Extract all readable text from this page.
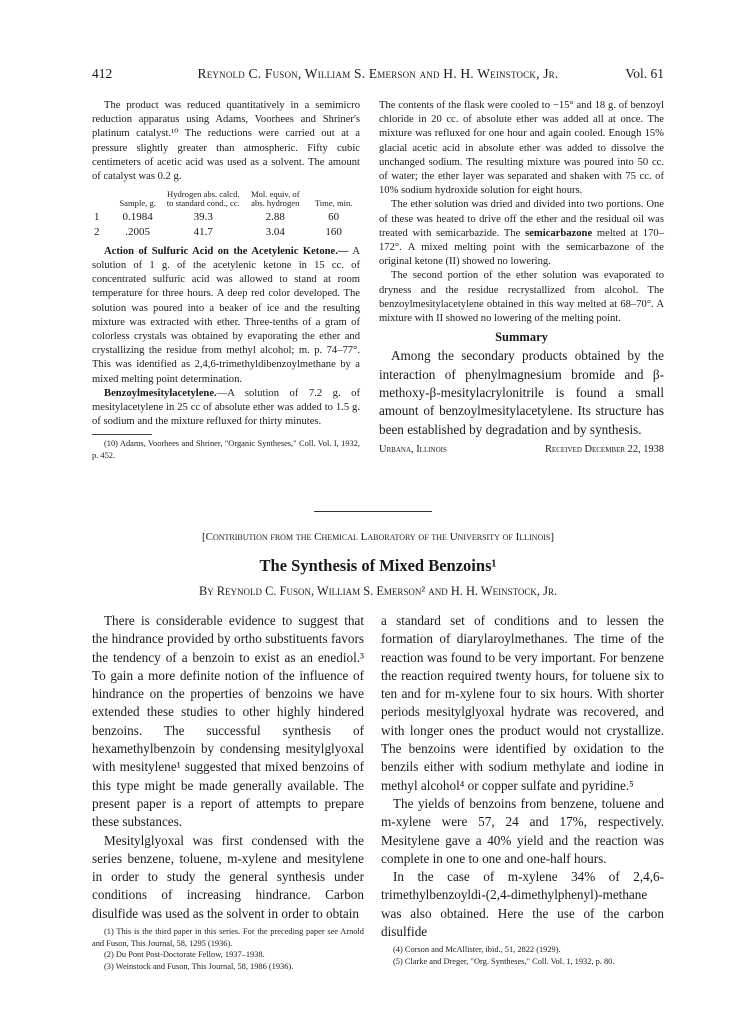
412	Reynold C. Fuson, William S. Emerson and H. H. Weinstock, Jr.	Vol. 61

The product was reduced quantitatively in a semimicro reduction apparatus using Adams, Voorhees and Shriner's platinum catalyst.¹⁰ The reductions were carried out at a pressure slightly greater than atmospheric. Fifty cubic centimeters of acetic acid was used as a solvent. The amount of catalyst was 0.2 g.

	Sample, g.	Hydrogen abs. calcd. to standard cond., cc.	Mol. equiv. of abs. hydrogen	Time, min.
1	0.1984	39.3	2.88	60
2	.2005	41.7	3.04	160

Action of Sulfuric Acid on the Acetylenic Ketone.— A solution of 1 g. of the acetylenic ketone in 15 cc. of concentrated sulfuric acid was allowed to stand at room temperature for three hours. A deep red color developed. The solution was poured into a beaker of ice and the resulting mixture was extracted with ether. Three-tenths of a gram of colorless crystals was obtained by evaporating the ether and crystallizing the residue from methyl alcohol; m. p. 74–77°. This was identified as 2,4,6-trimethyldibenzoylmethane by a mixed melting point determination.

Benzoylmesitylacetylene.—A solution of 7.2 g. of mesitylacetylene in 25 cc of absolute ether was added to 1.5 g. of sodium and the mixture refluxed for thirty minutes.

(10) Adams, Voorhees and Shriner, "Organic Syntheses," Coll. Vol. I, 1932, p. 452.

The contents of the flask were cooled to −15° and 18 g. of benzoyl chloride in 20 cc. of absolute ether was added all at once. The mixture was refluxed for one hour and again cooled. Enough 15% glacial acetic acid in absolute ether was added to dissolve the unchanged sodium. The resulting mixture was poured into 50 cc. of water; the ether layer was separated and shaken with 75 cc. of 10% sodium hydroxide solution for eight hours.

The ether solution was dried and divided into two portions. One of these was heated to drive off the ether and the residual oil was treated with semicarbazide. The semicarbazone melted at 170–172°. A mixed melting point with the semicarbazone of the original ketone (II) showed no lowering.

The second portion of the ether solution was evaporated to dryness and the residue recrystallized from alcohol. The benzoylmesitylacetylene obtained in this way melted at 68–70°. A mixture with II showed no lowering of the melting point.

Summary
Among the secondary products obtained by the interaction of phenylmagnesium bromide and β-methoxy-β-mesitylacrylonitrile is found a small amount of benzoylmesitylacetylene. Its structure has been established by degradation and by synthesis.
Urbana, Illinois	Received December 22, 1938
[Contribution from the Chemical Laboratory of the University of Illinois]
The Synthesis of Mixed Benzoins¹
By Reynold C. Fuson, William S. Emerson² and H. H. Weinstock, Jr.

There is considerable evidence to suggest that the hindrance provided by ortho substituents favors the tendency of a benzoin to exist as an enediol.³ To gain a more definite notion of the influence of hindrance on the properties of benzoins we have extended these studies to other highly hindered benzoins. The successful synthesis of hexamethylbenzoin by condensing mesitylglyoxal with mesitylene¹ suggested that mixed benzoins of this type might be made generally available. The present paper is a report of attempts to prepare these substances.

Mesitylglyoxal was first condensed with the series benzene, toluene, m-xylene and mesitylene in order to study the general synthesis under conditions of increasing hindrance. Carbon disulfide was used as the solvent in order to obtain

(1) This is the third paper in this series. For the preceding paper see Arnold and Fuson, This Journal, 58, 1295 (1936).

(2) Du Pont Post-Doctorate Fellow, 1937–1938.

(3) Weinstock and Fuson, This Journal, 58, 1986 (1936).

a standard set of conditions and to lessen the formation of diarylaroylmethanes. The time of the reaction was found to be very important. For benzene the reaction required twenty hours, for toluene six to ten and for m-xylene four to six hours. With shorter periods mesitylglyoxal hydrate was recovered, and with longer ones the product would not crystallize. The benzoins were identified by oxidation to the benzils either with sodium methylate and iodine in methyl alcohol⁴ or copper sulfate and pyridine.⁵

The yields of benzoins from benzene, toluene and m-xylene were 57, 24 and 17%, respectively. Mesitylene gave a 40% yield and the reaction was complete in one to one and one-half hours.

In the case of m-xylene 34% of 2,4,6-trimethylbenzoyldi-(2,4-dimethylphenyl)-methane was also obtained. Here the use of the carbon disulfide

(4) Corson and McAllister, ibid., 51, 2822 (1929).

(5) Clarke and Dreger, "Org. Syntheses," Coll. Vol. 1, 1932, p. 80.
